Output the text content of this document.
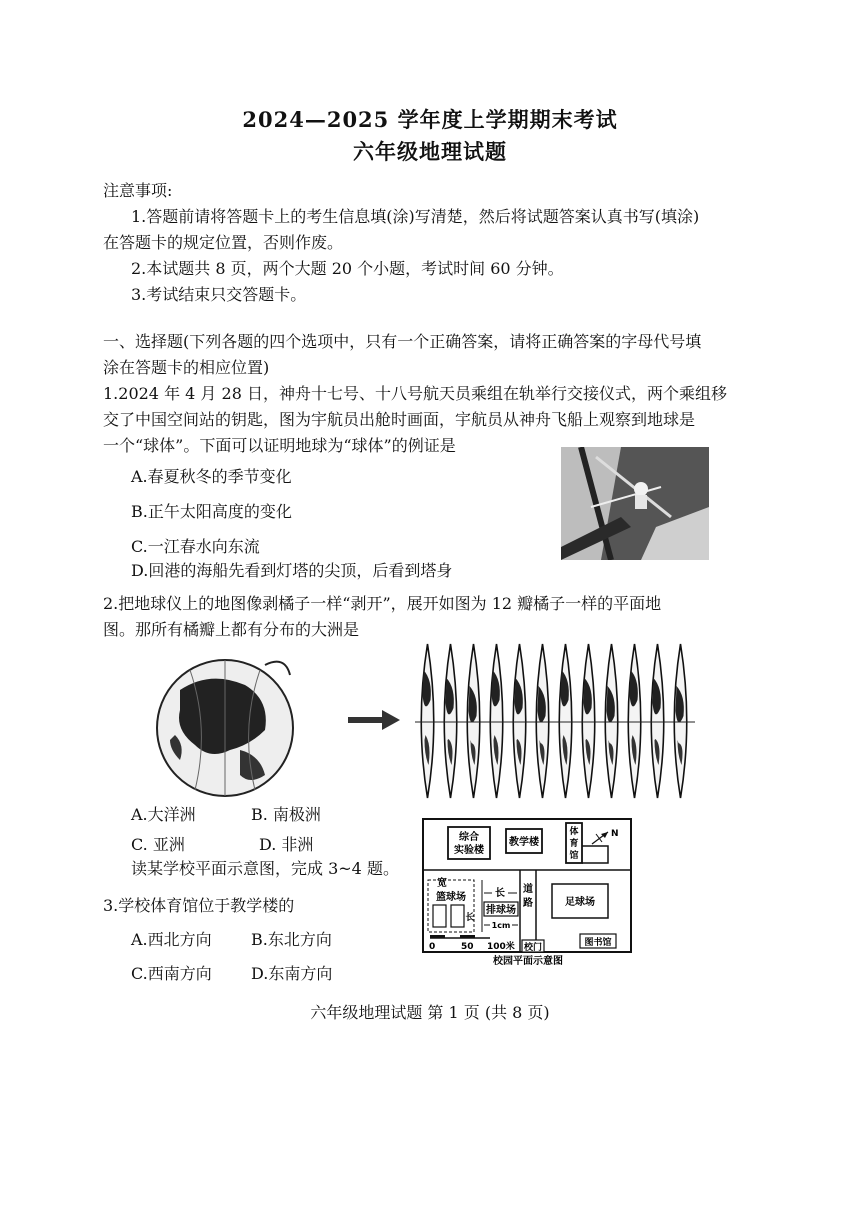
2024—2025 学年度上学期期末考试
六年级地理试题
注意事项:
1.答题前请将答题卡上的考生信息填(涂)写清楚，然后将试题答案认真书写(填涂)
在答题卡的规定位置，否则作废。
2.本试题共 8 页，两个大题 20 个小题，考试时间 60 分钟。
3.考试结束只交答题卡。
一、选择题(下列各题的四个选项中，只有一个正确答案，请将正确答案的字母代号填
涂在答题卡的相应位置)
1.2024 年 4 月 28 日，神舟十七号、十八号航天员乘组在轨举行交接仪式，两个乘组移
交了中国空间站的钥匙，图为宇航员出舱时画面，宇航员从神舟飞船上观察到地球是
一个“球体”。下面可以证明地球为“球体”的例证是
A.春夏秋冬的季节变化
B.正午太阳高度的变化
C.一江春水向东流
D.回港的海船先看到灯塔的尖顶，后看到塔身
2.把地球仪上的地图像剥橘子一样“剥开”，展开如图为 12 瓣橘子一样的平面地
图。那所有橘瓣上都有分布的大洲是
A.大洋洲	B. 南极洲
C. 亚洲	D. 非洲
读某学校平面示意图，完成 3~4 题。
3.学校体育馆位于教学楼的
A.西北方向 B.东北方向
C.西南方向 D.东南方向
综合
实验楼
教学楼
体
育
馆
N
宽
篮球场
长
长
排球场
1cm
道
路	足球场
0	50 100米 校门	图书馆
校园平面示意图
六年级地理试题 第 1 页 (共 8 页)
